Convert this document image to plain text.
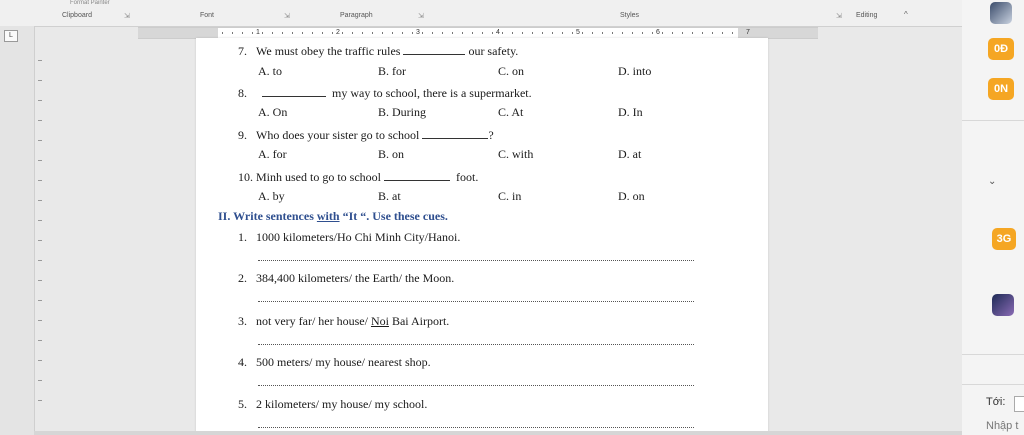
Format Painter
Clipboard	⇲	Font	⇲	Paragraph	⇲	Styles	⇲ Editing	^
L	1	2	3	4	5	6	7
7. We must obey the traffic rules	our safety.
A. to	B. for	C. on	D. into
8.	my way to school, there is a supermarket.
A. On	B. During	C. At	D. In
9. Who does your sister go to school	?
A. for	B. on	C. with	D. at
10. Minh used to go to school	foot.
A. by	B. at	C. in	D. on
II. Write sentences with “It “. Use these cues.
1. 1000 kilometers/Ho Chi Minh City/Hanoi.
2. 384,400 kilometers/ the Earth/ the Moon.
3. not very far/ her house/ Noi Bai Airport.
4. 500 meters/ my house/ nearest shop.
5. 2 kilometers/ my house/ my school.
0Đ
0N
⌄
3G
Tới:
Nhập t
